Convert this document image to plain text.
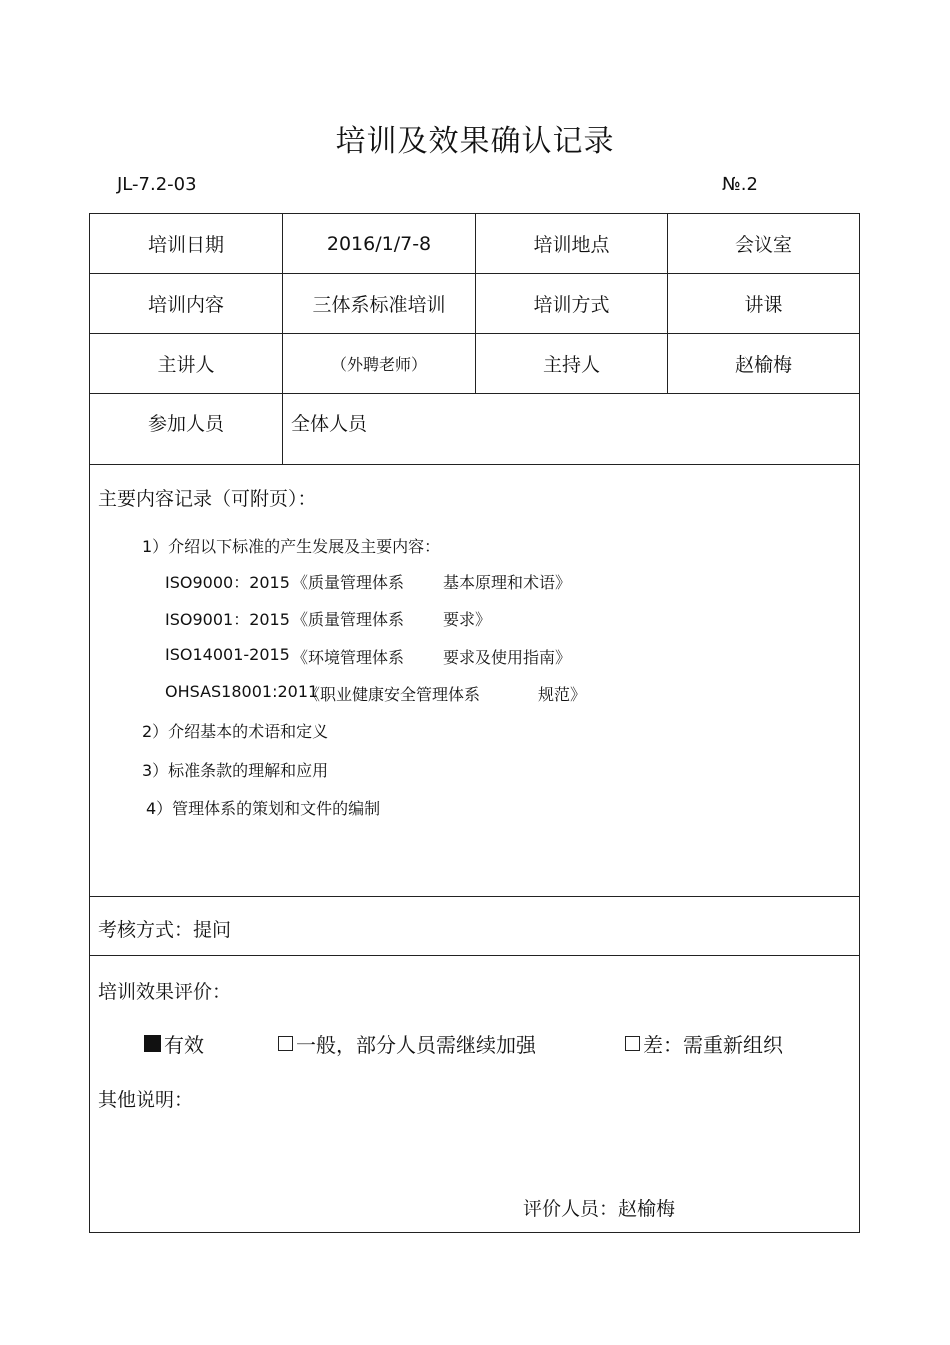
培训及效果确认记录
JL-7.2-03	№.2
培训日期	2016/1/7-8	培训地点	会议室
培训内容	三体系标准培训	培训方式	讲课
主讲人	（外聘老师）	主持人	赵榆梅
参加人员	全体人员
主要内容记录（可附页）：
1）介绍以下标准的产生发展及主要内容：
ISO9000：2015 《质量管理体系 基本原理和术语》
ISO9001：2015 《质量管理体系 要求》
ISO14001-2015 《环境管理体系 要求及使用指南》
OHSAS18001:2011
《职业健康安全管理体系	规范》
2）介绍基本的术语和定义
3）标准条款的理解和应用
4）管理体系的策划和文件的编制
考核方式：提问
培训效果评价：
有效	一般，部分人员需继续加强	差：需重新组织
其他说明：
评价人员：赵榆梅
